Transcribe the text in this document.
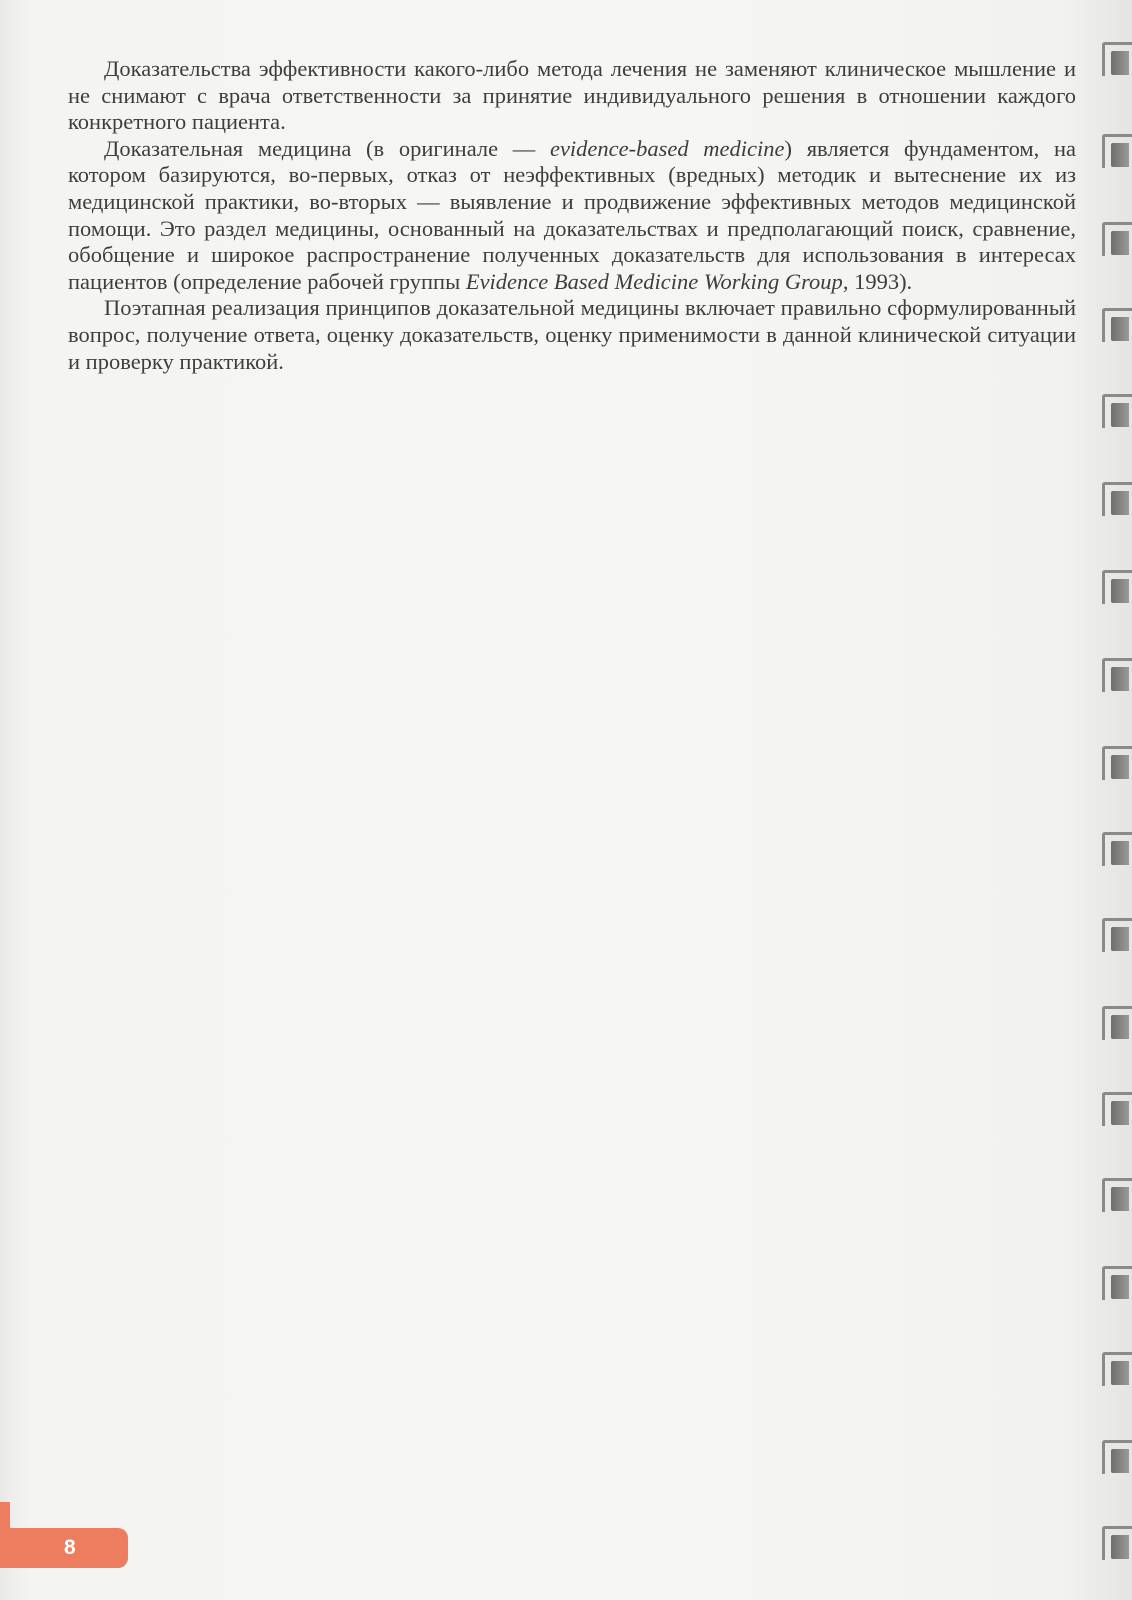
Доказательства эффективности какого-либо метода лечения не заменяют клиническое мышление и не снимают с врача ответственности за принятие индивидуального решения в отношении каждого конкретного пациента.

Доказательная медицина (в оригинале — evidence-based medicine) является фундаментом, на котором базируются, во-первых, отказ от неэффективных (вредных) методик и вытеснение их из медицинской практики, во-вторых — выявление и продвижение эффективных методов медицинской помощи. Это раздел медицины, основанный на доказательствах и предполагающий поиск, сравнение, обобщение и широкое распространение полученных доказательств для использования в интересах пациентов (определение рабочей группы Evidence Based Medicine Working Group, 1993).

Поэтапная реализация принципов доказательной медицины включает правильно сформулированный вопрос, получение ответа, оценку доказательств, оценку применимости в данной клинической ситуации и проверку практикой.

8
